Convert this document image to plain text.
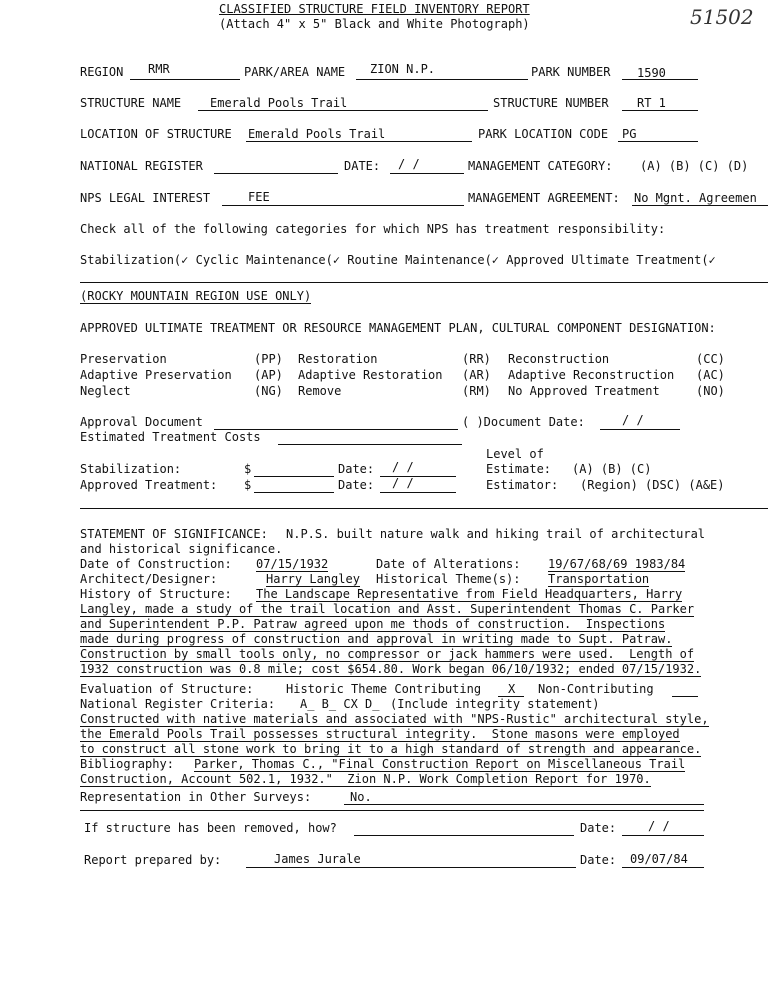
CLASSIFIED STRUCTURE FIELD INVENTORY REPORT
(Attach 4" x 5" Black and White Photograph)	51502
REGION RMR	PARK/AREA NAME ZION N.P.	PARK NUMBER 1590
STRUCTURE NAME Emerald Pools Trail	STRUCTURE NUMBER RT 1
LOCATION OF STRUCTURE Emerald Pools Trail	PARK LOCATION CODE PG
NATIONAL REGISTER	DATE: / /	MANAGEMENT CATEGORY: (A) (B) (C) (D)
NPS LEGAL INTEREST	FEE	MANAGEMENT AGREEMENT: No Mgnt. Agreemen
Check all of the following categories for which NPS has treatment responsibility:
Stabilization(✓ Cyclic Maintenance(✓ Routine Maintenance(✓ Approved Ultimate Treatment(✓
(ROCKY MOUNTAIN REGION USE ONLY)
APPROVED ULTIMATE TREATMENT OR RESOURCE MANAGEMENT PLAN, CULTURAL COMPONENT DESIGNATION:
Preservation	(PP) Restoration	(RR) Reconstruction	(CC)
Adaptive Preservation (AP) Adaptive Restoration (AR) Adaptive Reconstruction (AC)
Neglect	(NG) Remove	(RM) No Approved Treatment	(NO)
Approval Document	( )Document Date:	/ /
Estimated Treatment Costs
Level of
Stabilization:	$	Date: / /	Estimate: (A) (B) (C)
Approved Treatment: $	Date: / /	Estimator: (Region) (DSC) (A&E)
STATEMENT OF SIGNIFICANCE: N.P.S. built nature walk and hiking trail of architectural
and historical significance.
Date of Construction: 07/15/1932	Date of Alterations: 19/67/68/69 1983/84
Architect/Designer:	Harry Langley Historical Theme(s): Transportation
History of Structure: The Landscape Representative from Field Headquarters, Harry
Langley, made a study of the trail location and Asst. Superintendent Thomas C. Parker
and Superintendent P.P. Patraw agreed upon me thods of construction.  Inspections
made during progress of construction and approval in writing made to Supt. Patraw.
Construction by small tools only, no compressor or jack hammers were used.  Length of
1932 construction was 0.8 mile; cost $654.80. Work began 06/10/1932; ended 07/15/1932.
Evaluation of Structure:	Historic Theme Contributing X Non-Contributing
National Register Criteria: A_ B_ CX D_ (Include integrity statement)
Constructed with native materials and associated with "NPS-Rustic" architectural style,
the Emerald Pools Trail possesses structural integrity.  Stone masons were employed
to construct all stone work to bring it to a high standard of strength and appearance.
Bibliography: Parker, Thomas C., "Final Construction Report on Miscellaneous Trail
Construction, Account 502.1, 1932."  Zion N.P. Work Completion Report for 1970.
Representation in Other Surveys:	No.
If structure has been removed, how?	Date:	/ /
Report prepared by:	James Jurale	Date: 09/07/84
